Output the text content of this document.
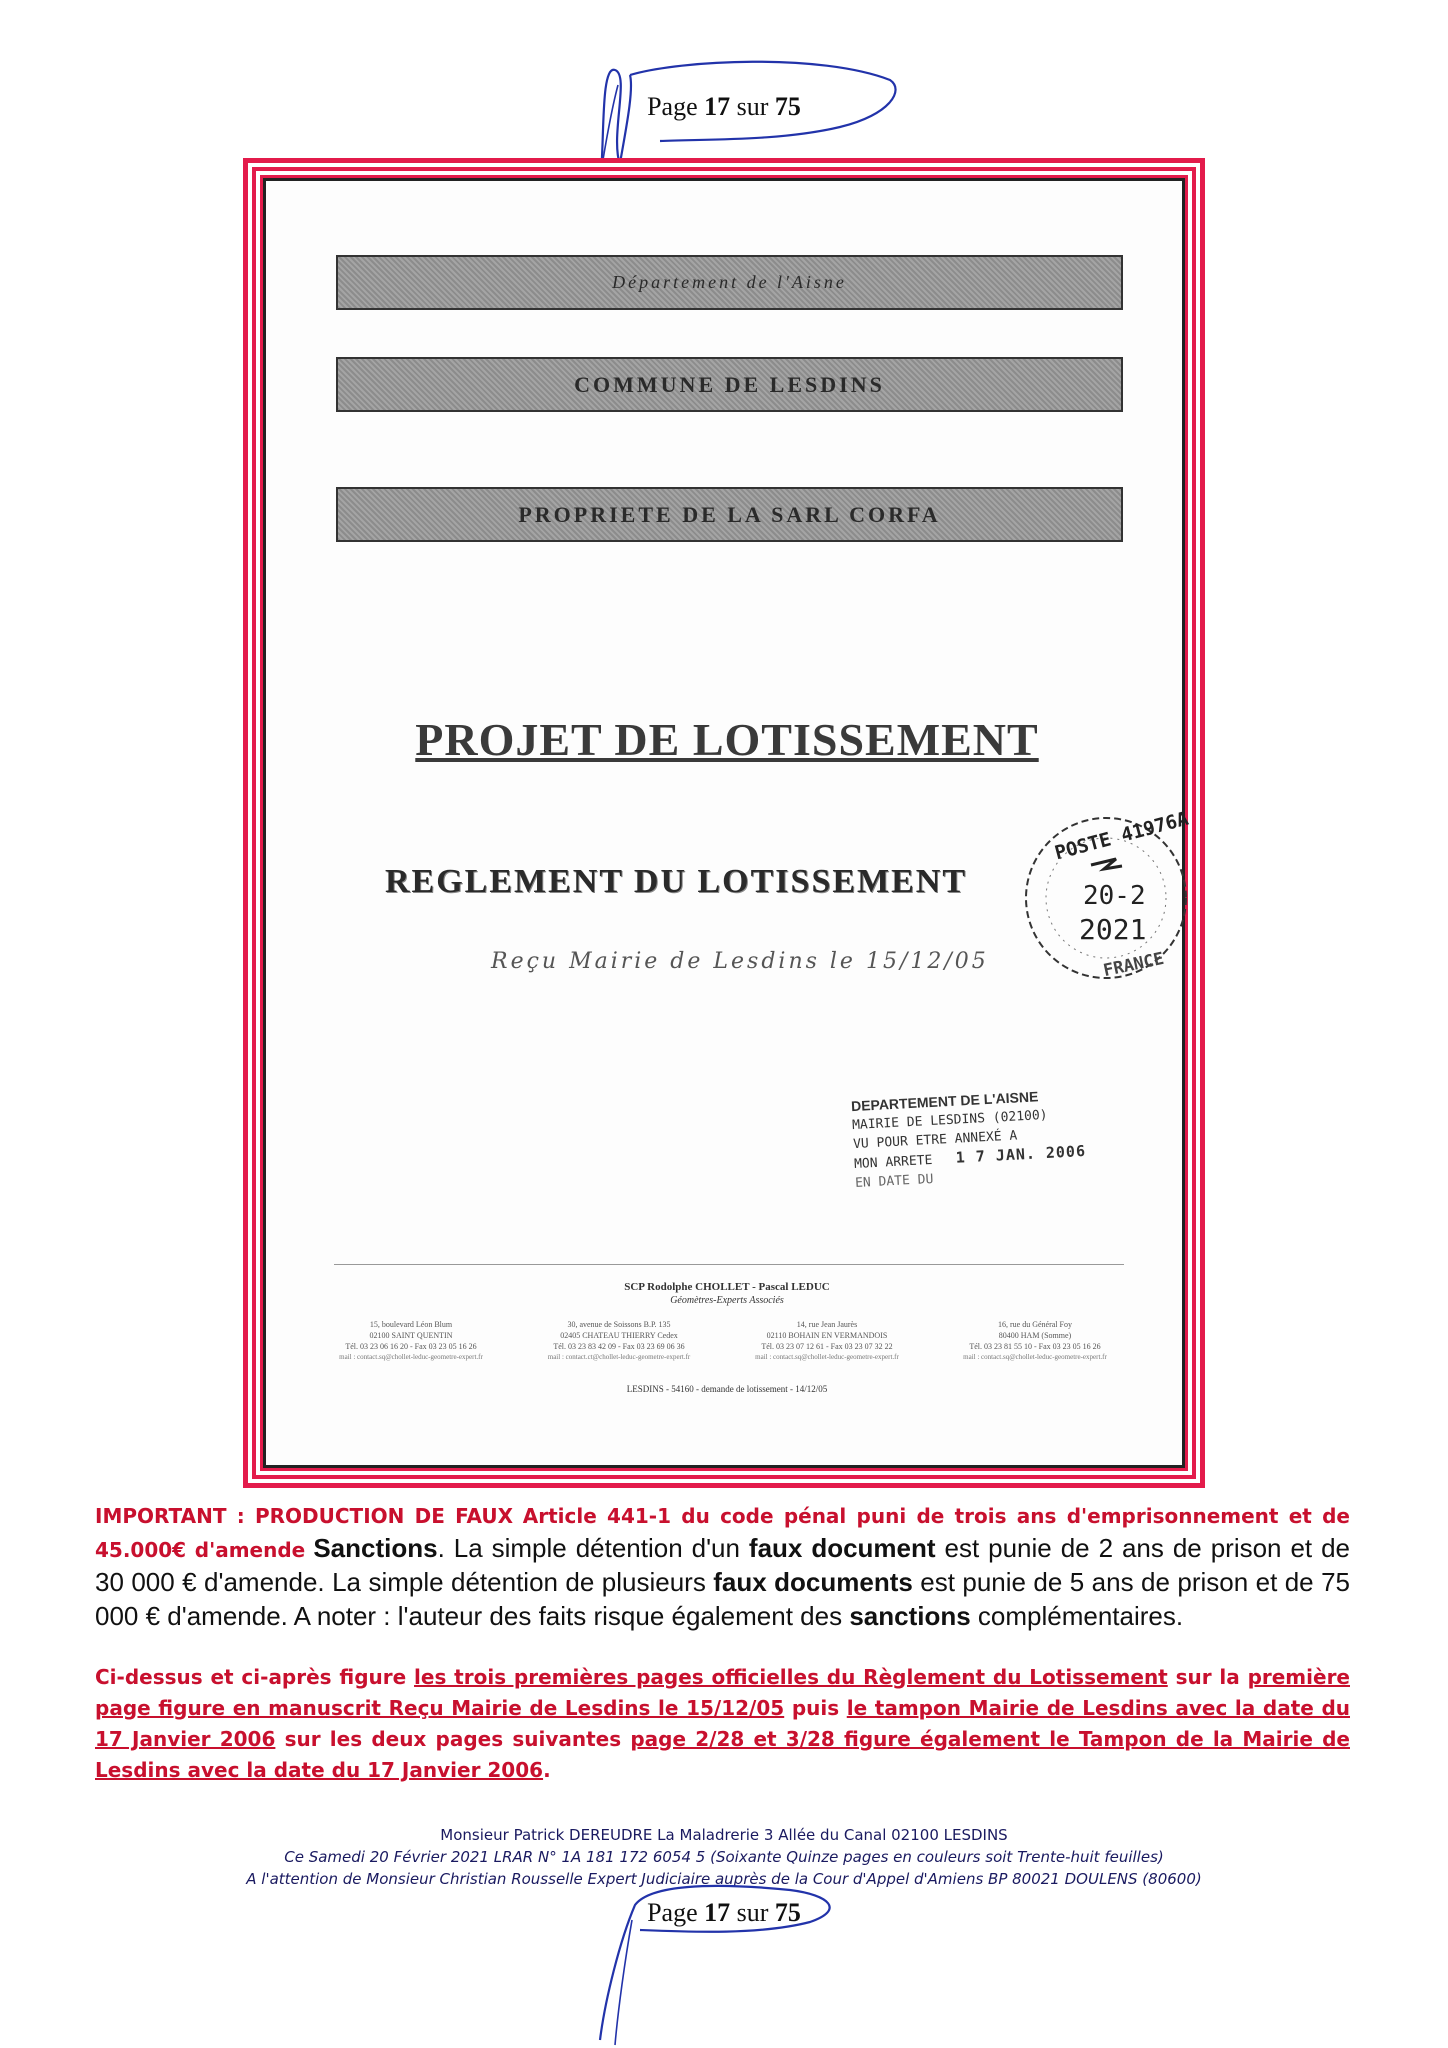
Page 17 sur 75
Département de l'Aisne
COMMUNE DE LESDINS
PROPRIETE DE LA SARL CORFA
PROJET DE LOTISSEMENT
REGLEMENT DU LOTISSEMENT
Reçu Mairie de Lesdins le 15/12/05
POSTE 41976A
20-2
2021
FRANCE
DEPARTEMENT DE L'AISNE
MAIRIE DE LESDINS (02100)
VU POUR ETRE ANNEXÉ A
MON ARRETE 1 7 JAN. 2006
EN DATE DU
SCP Rodolphe CHOLLET - Pascal LEDUC
Géomètres-Experts Associés
15, boulevard Léon Blum
02100 SAINT QUENTIN
Tél. 03 23 06 16 20 - Fax 03 23 05 16 26
mail : contact.sq@chollet-leduc-geometre-expert.fr
30, avenue de Soissons B.P. 135
02405 CHATEAU THIERRY Cedex
Tél. 03 23 83 42 09 - Fax 03 23 69 06 36
mail : contact.ct@chollet-leduc-geometre-expert.fr
14, rue Jean Jaurès
02110 BOHAIN EN VERMANDOIS
Tél. 03 23 07 12 61 - Fax 03 23 07 32 22
mail : contact.sq@chollet-leduc-geometre-expert.fr
16, rue du Général Foy
80400 HAM (Somme)
Tél. 03 23 81 55 10 - Fax 03 23 05 16 26
mail : contact.sq@chollet-leduc-geometre-expert.fr
LESDINS - 54160 - demande de lotissement - 14/12/05
IMPORTANT : PRODUCTION DE FAUX Article 441-1 du code pénal puni de trois ans d'emprisonnement et de 45.000€ d'amende Sanctions. La simple détention d'un faux document est punie de 2 ans de prison et de 30 000 € d'amende. La simple détention de plusieurs faux documents est punie de 5 ans de prison et de 75 000 € d'amende. A noter : l'auteur des faits risque également des sanctions complémentaires.
Ci-dessus et ci-après figure les trois premières pages officielles du Règlement du Lotissement sur la première page figure en manuscrit Reçu Mairie de Lesdins le 15/12/05 puis le tampon Mairie de Lesdins avec la date du 17 Janvier 2006 sur les deux pages suivantes page 2/28 et 3/28 figure également le Tampon de la Mairie de Lesdins avec la date du 17 Janvier 2006.
Monsieur Patrick DEREUDRE La Maladrerie 3 Allée du Canal 02100 LESDINS
Ce Samedi 20 Février 2021 LRAR N° 1A 181 172 6054 5 (Soixante Quinze pages en couleurs soit Trente-huit feuilles)
A l'attention de Monsieur Christian Rousselle Expert Judiciaire auprès de la Cour d'Appel d'Amiens BP 80021 DOULENS (80600)
Page 17 sur 75
